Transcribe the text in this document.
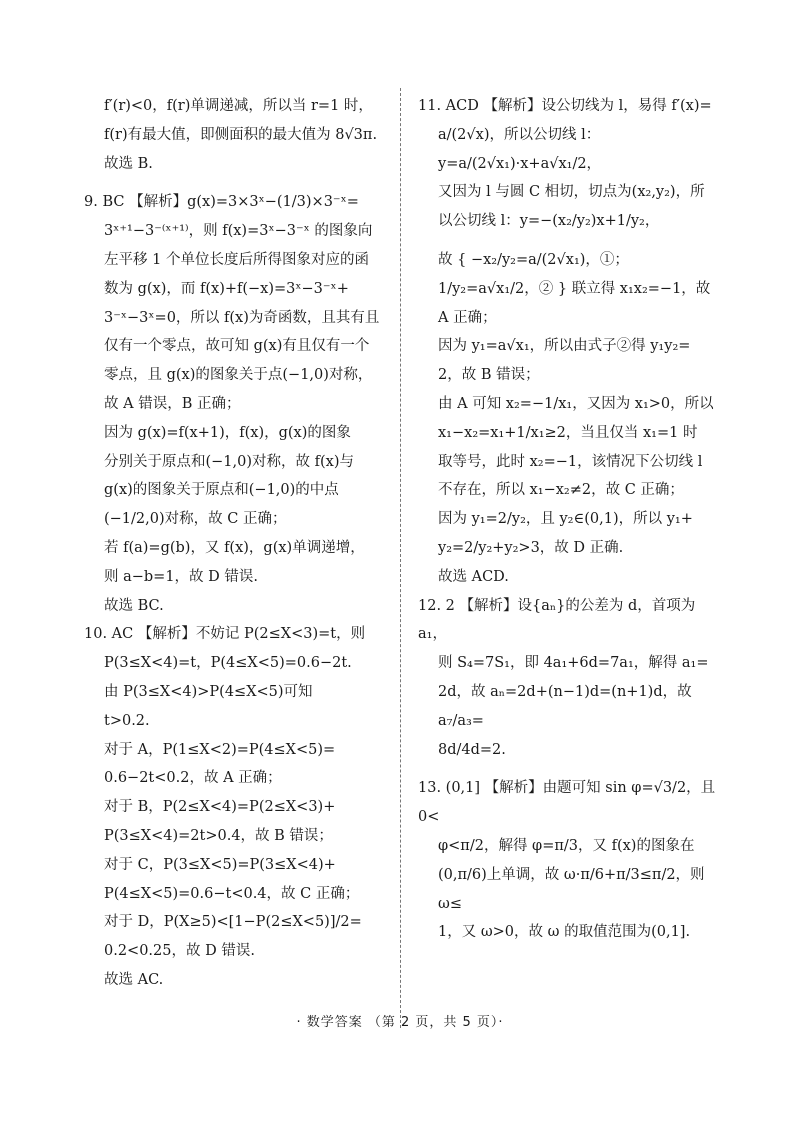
f′(r)<0，f(r)单调递减，所以当 r=1 时，
f(r)有最大值，即侧面积的最大值为 8√3π.
故选 B.
9. BC 【解析】g(x)=3×3ˣ−(1/3)×3⁻ˣ=
3ˣ⁺¹−3⁻⁽ˣ⁺¹⁾，则 f(x)=3ˣ−3⁻ˣ 的图象向
左平移 1 个单位长度后所得图象对应的函
数为 g(x)，而 f(x)+f(−x)=3ˣ−3⁻ˣ+
3⁻ˣ−3ˣ=0，所以 f(x)为奇函数，且其有且
仅有一个零点，故可知 g(x)有且仅有一个
零点，且 g(x)的图象关于点(−1,0)对称，
故 A 错误，B 正确；
因为 g(x)=f(x+1)，f(x)，g(x)的图象
分别关于原点和(−1,0)对称，故 f(x)与
g(x)的图象关于原点和(−1,0)的中点
(−1/2,0)对称，故 C 正确；
若 f(a)=g(b)，又 f(x)，g(x)单调递增，
则 a−b=1，故 D 错误.
故选 BC.
10. AC 【解析】不妨记 P(2≤X<3)=t，则
P(3≤X<4)=t，P(4≤X<5)=0.6−2t.
由 P(3≤X<4)>P(4≤X<5)可知
t>0.2.
对于 A，P(1≤X<2)=P(4≤X<5)=
0.6−2t<0.2，故 A 正确；
对于 B，P(2≤X<4)=P(2≤X<3)+
P(3≤X<4)=2t>0.4，故 B 错误；
对于 C，P(3≤X<5)=P(3≤X<4)+
P(4≤X<5)=0.6−t<0.4，故 C 正确；
对于 D，P(X≥5)<[1−P(2≤X<5)]/2=
0.2<0.25，故 D 错误.
故选 AC.
11. ACD 【解析】设公切线为 l，易得 f′(x)=
a/(2√x)，所以公切线 l：y=a/(2√x₁)·x+a√x₁/2，
又因为 l 与圆 C 相切，切点为(x₂,y₂)，所
以公切线 l：y=−(x₂/y₂)x+1/y₂，
故 { −x₂/y₂=a/(2√x₁)，①；1/y₂=a√x₁/2，② } 联立得 x₁x₂=−1，故
A 正确；
因为 y₁=a√x₁，所以由式子②得 y₁y₂=
2，故 B 错误；
由 A 可知 x₂=−1/x₁，又因为 x₁>0，所以
x₁−x₂=x₁+1/x₁≥2，当且仅当 x₁=1 时
取等号，此时 x₂=−1，该情况下公切线 l
不存在，所以 x₁−x₂≠2，故 C 正确；
因为 y₁=2/y₂，且 y₂∈(0,1)，所以 y₁+
y₂=2/y₂+y₂>3，故 D 正确.
故选 ACD.
12. 2 【解析】设{aₙ}的公差为 d，首项为 a₁，
则 S₄=7S₁，即 4a₁+6d=7a₁，解得 a₁=
2d，故 aₙ=2d+(n−1)d=(n+1)d，故a₇/a₃=
8d/4d=2.
13. (0,1] 【解析】由题可知 sin φ=√3/2，且 0<
φ<π/2，解得 φ=π/3，又 f(x)的图象在
(0,π/6)上单调，故 ω·π/6+π/3≤π/2，则 ω≤
1，又 ω>0，故 ω 的取值范围为(0,1].
· 数学答案 （第 2 页，共 5 页）·
